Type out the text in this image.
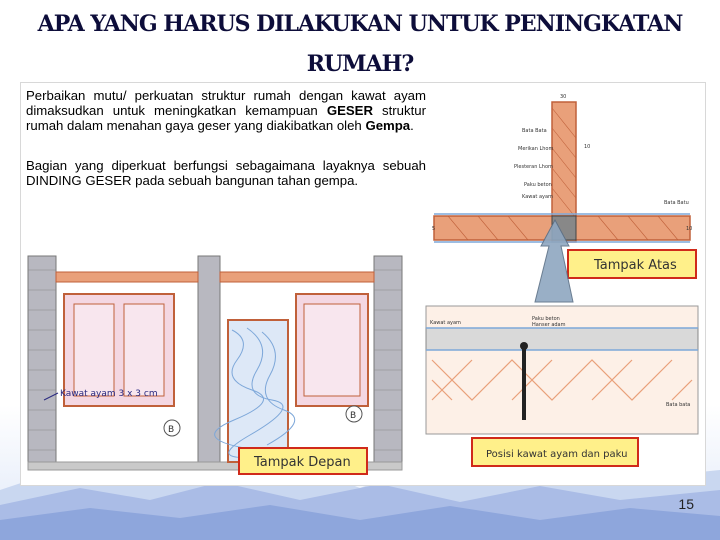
APA YANG HARUS DILAKUKAN UNTUK PENINGKATAN
RUMAH?
Perbaikan mutu/ perkuatan struktur rumah dengan kawat ayam dimaksudkan untuk meningkatkan kemampuan GESER struktur rumah dalam menahan gaya geser yang diakibatkan oleh Gempa.
Bagian yang diperkuat berfungsi sebagaimana layaknya sebuah DINDING GESER pada sebuah bangunan tahan gempa.
B
B
Kawat ayam 3 x 3 cm
Tampak Depan
Bata Bata
Merikan Lhom
Plesteran Lhom
Paku beton
Kawat ayam
Bata Batu
30
10
5	10
Tampak Atas
Kawat ayam
Paku beton
Hanser adam
Bata bata
Posisi kawat ayam dan paku
15
